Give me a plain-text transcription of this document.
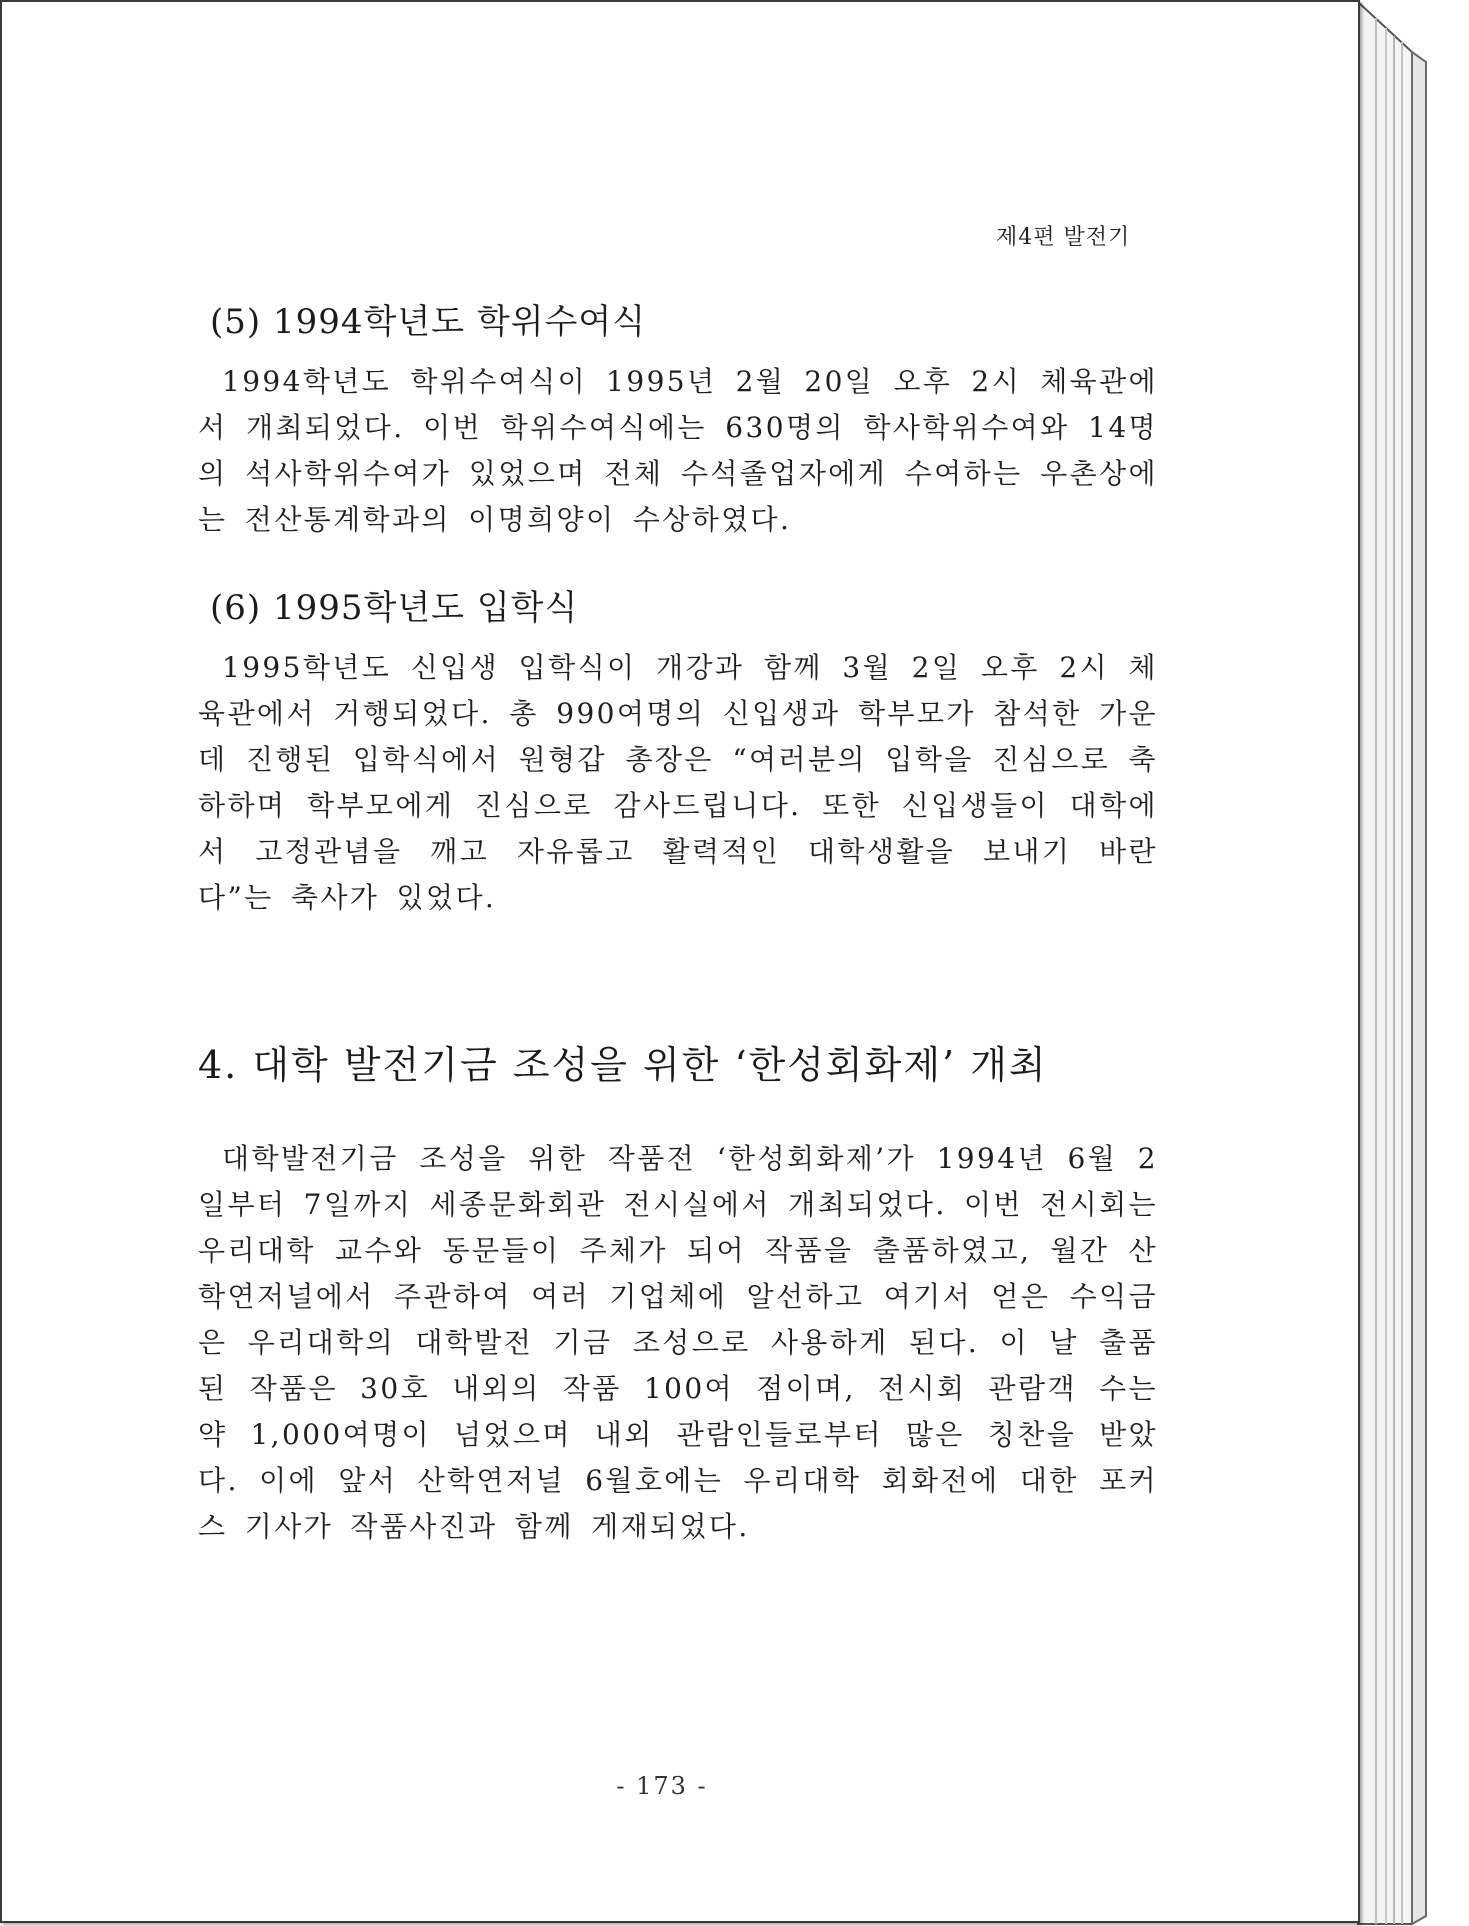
제4편 발전기
(5) 1994학년도 학위수여식

1994학년도 학위수여식이 1995년 2월 20일 오후 2시 체육관에서 개최되었다. 이번 학위수여식에는 630명의 학사학위수여와 14명의 석사학위수여가 있었으며 전체 수석졸업자에게 수여하는 우촌상에는 전산통계학과의 이명희양이 수상하였다.

(6) 1995학년도 입학식

1995학년도 신입생 입학식이 개강과 함께 3월 2일 오후 2시 체육관에서 거행되었다. 총 990여명의 신입생과 학부모가 참석한 가운데 진행된 입학식에서 원형갑 총장은 “여러분의 입학을 진심으로 축하하며 학부모에게 진심으로 감사드립니다. 또한 신입생들이 대학에서 고정관념을 깨고 자유롭고 활력적인 대학생활을 보내기 바란다”는 축사가 있었다.

4. 대학 발전기금 조성을 위한 ‘한성회화제’ 개최

대학발전기금 조성을 위한 작품전 ‘한성회화제’가 1994년 6월 2일부터 7일까지 세종문화회관 전시실에서 개최되었다. 이번 전시회는 우리대학 교수와 동문들이 주체가 되어 작품을 출품하였고, 월간 산학연저널에서 주관하여 여러 기업체에 알선하고 여기서 얻은 수익금은 우리대학의 대학발전 기금 조성으로 사용하게 된다. 이 날 출품된 작품은 30호 내외의 작품 100여 점이며, 전시회 관람객 수는 약 1,000여명이 넘었으며 내외 관람인들로부터 많은 칭찬을 받았다. 이에 앞서 산학연저널 6월호에는 우리대학 회화전에 대한 포커스 기사가 작품사진과 함께 게재되었다.

- 173 -
